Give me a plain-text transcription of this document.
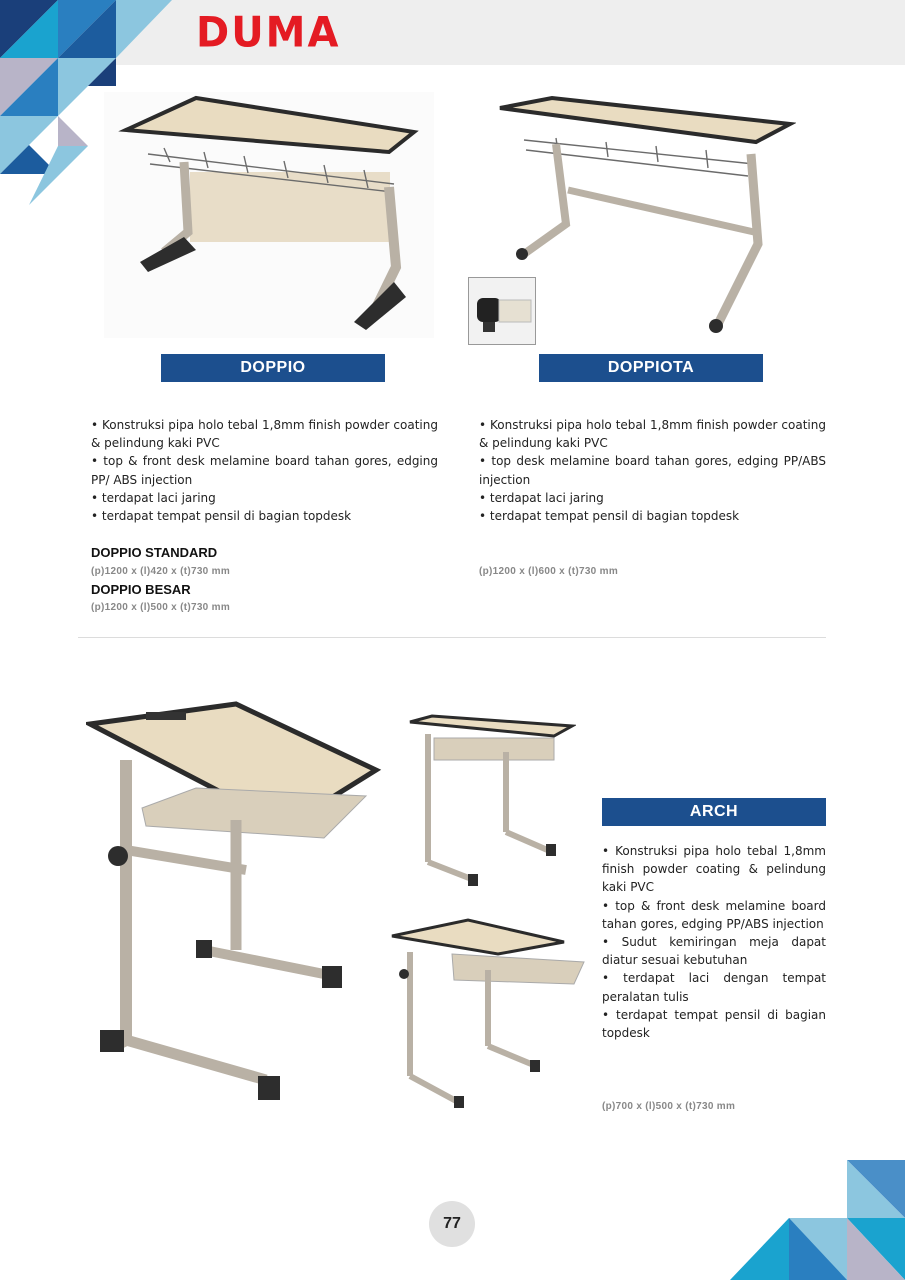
DUMA
DOPPIO	DOPPIOTA

• Konstruksi pipa holo tebal 1,8mm finish powder coating & pelindung kaki PVC

• top & front desk melamine board tahan gores, edging PP/ ABS injection

• terdapat laci jaring

• terdapat tempat pensil di bagian topdesk

DOPPIO STANDARD
(p)1200 x (l)420 x (t)730 mm
DOPPIO BESAR
(p)1200 x (l)500 x (t)730 mm

• Konstruksi pipa holo tebal 1,8mm finish powder coating & pelindung kaki PVC

• top desk melamine board tahan gores, edging PP/ABS injection

• terdapat laci jaring

• terdapat tempat pensil di bagian topdesk

(p)1200 x (l)600 x (t)730 mm
ARCH

• Konstruksi pipa holo tebal 1,8mm finish powder coating & pelindung kaki PVC

• top & front desk melamine board tahan gores, edging PP/ABS injection

• Sudut kemiringan meja dapat diatur sesuai kebutuhan

• terdapat laci dengan tempat peralatan tulis

• terdapat tempat pensil di bagian topdesk

(p)700 x (l)500 x (t)730 mm
77
